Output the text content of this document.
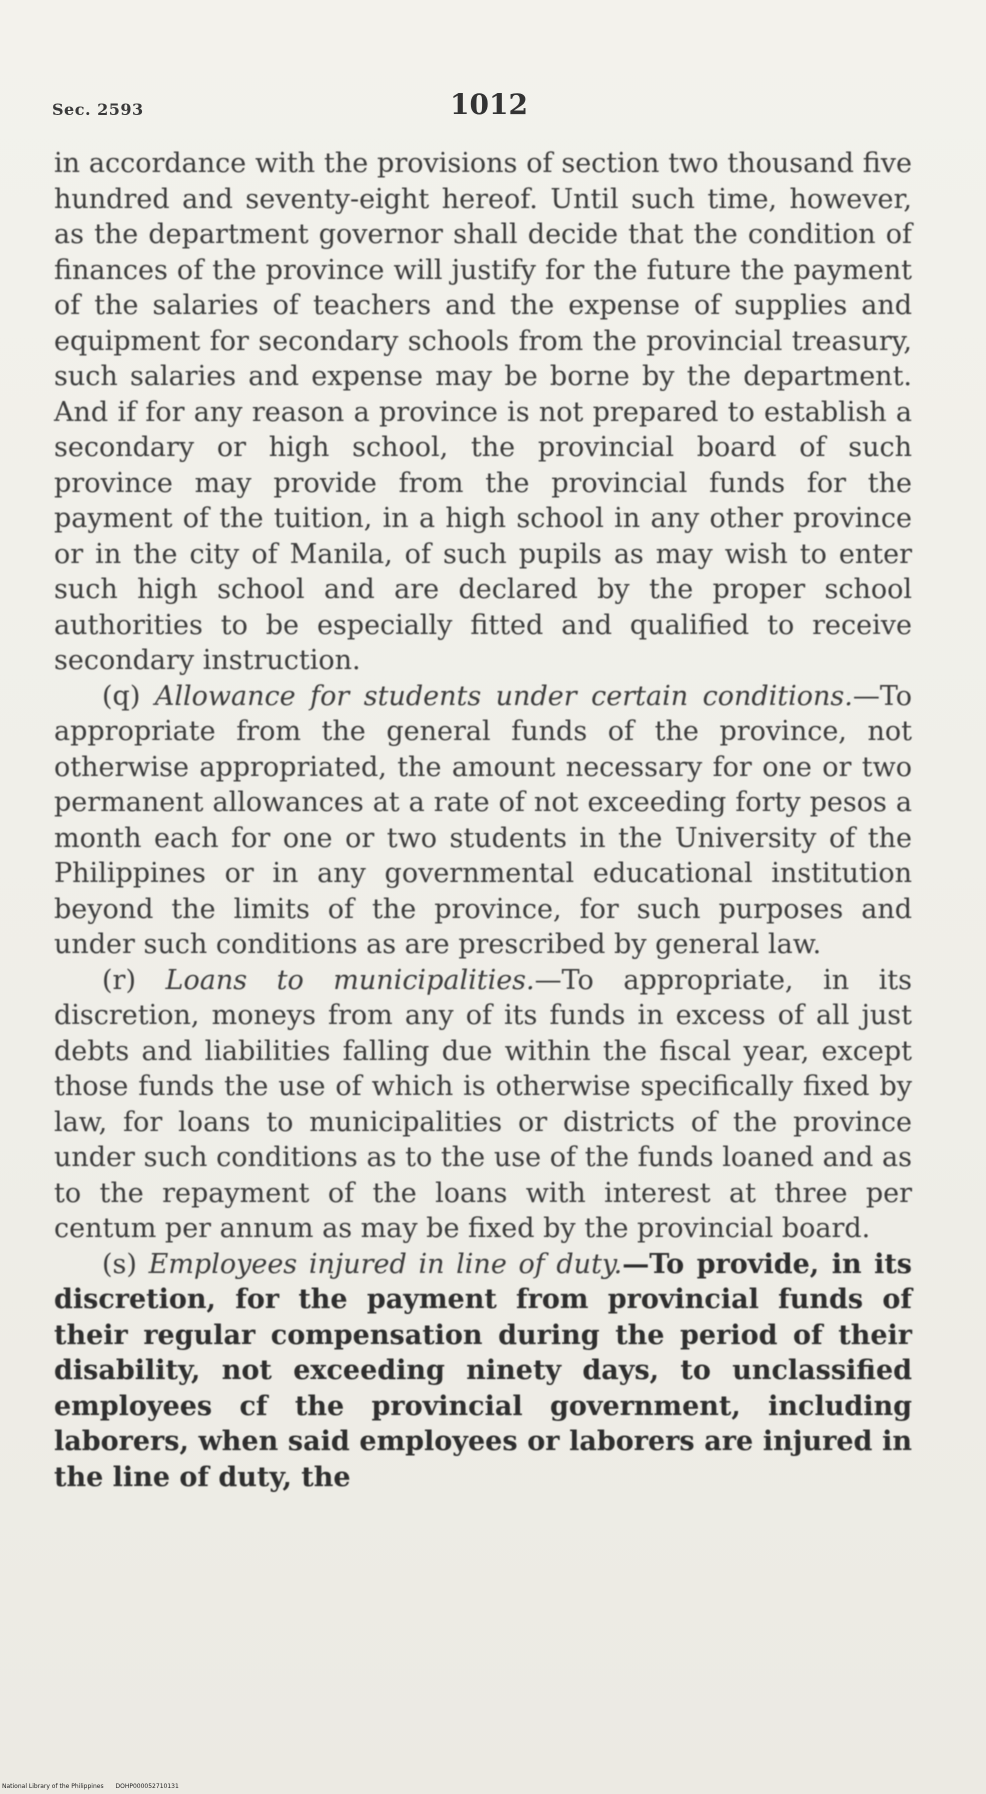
Sec. 2593	1012

in accordance with the provisions of section two thousand five hundred and seventy-eight hereof. Until such time, however, as the department governor shall decide that the condition of finances of the province will justify for the future the payment of the salaries of teachers and the expense of supplies and equipment for secondary schools from the provincial treasury, such salaries and expense may be borne by the department. And if for any reason a province is not prepared to establish a secondary or high school, the provincial board of such province may provide from the provincial funds for the payment of the tuition, in a high school in any other province or in the city of Manila, of such pupils as may wish to enter such high school and are declared by the proper school authorities to be especially fitted and qualified to receive secondary instruction.

(q) Allowance for students under certain conditions.—To appropriate from the general funds of the province, not otherwise appropriated, the amount necessary for one or two permanent allowances at a rate of not exceeding forty pesos a month each for one or two students in the University of the Philippines or in any governmental educational institution beyond the limits of the province, for such purposes and under such conditions as are prescribed by general law.

(r) Loans to municipalities.—To appropriate, in its discretion, moneys from any of its funds in excess of all just debts and liabilities falling due within the fiscal year, except those funds the use of which is otherwise specifically fixed by law, for loans to municipalities or districts of the province under such conditions as to the use of the funds loaned and as to the repayment of the loans with interest at three per centum per annum as may be fixed by the provincial board.

(s) Employees injured in line of duty.—To provide, in its discretion, for the payment from provincial funds of their regular compensation during the period of their disability, not exceeding ninety days, to unclassified employees cf the provincial government, including laborers, when said employees or laborers are injured in the line of duty, the

National Library of the Philippines DOHP000052710131
